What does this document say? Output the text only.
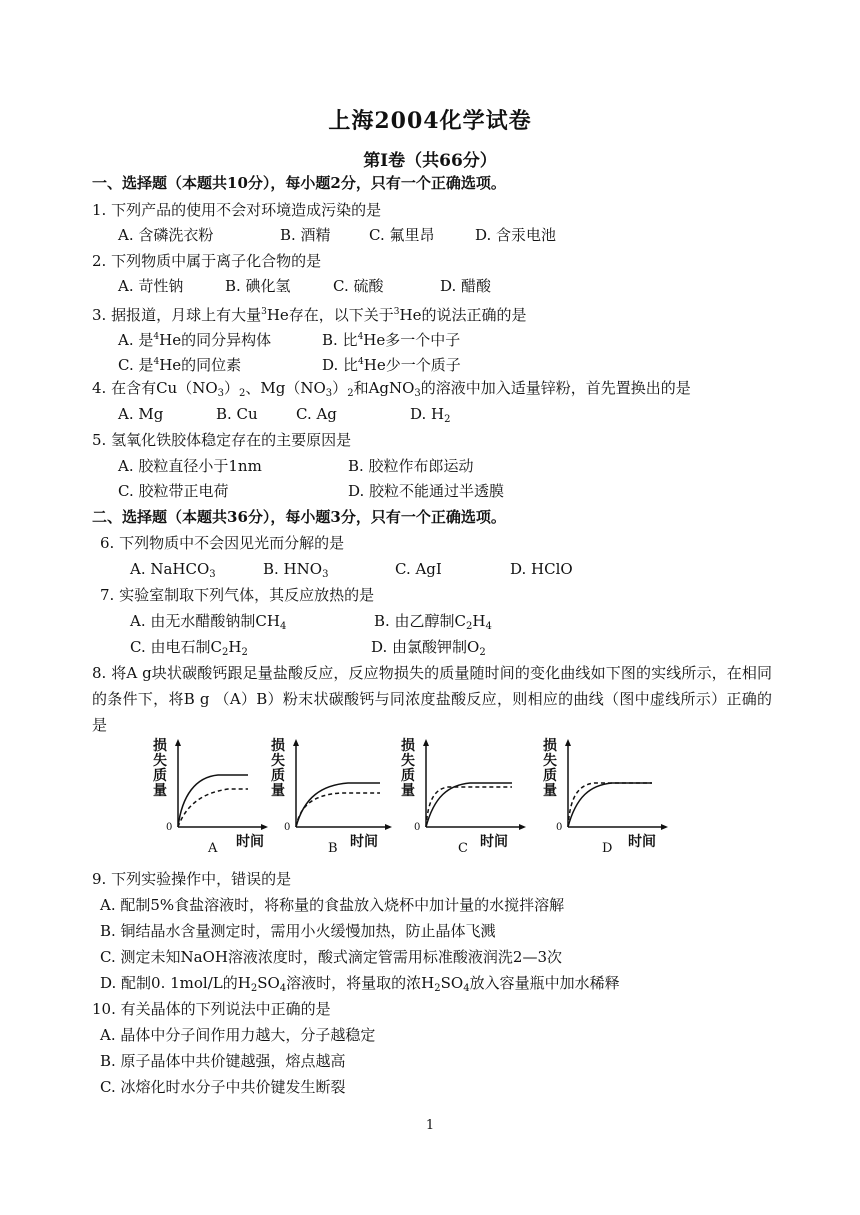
上海2004化学试卷
第I卷（共66分）
一、选择题（本题共10分），每小题2分，只有一个正确选项。
1. 下列产品的使用不会对环境造成污染的是
A. 含磷洗衣粉	B. 酒精	C. 氟里昂	D. 含汞电池
2. 下列物质中属于离子化合物的是
A. 苛性钠	B. 碘化氢	C. 硫酸	D. 醋酸
3. 据报道，月球上有大量$^3$He存在，以下关于$^3$He的说法正确的是
A. 是$^4$He的同分异构体	B. 比$^4$He多一个中子
C. 是$^4$He的同位素	D. 比$^4$He少一个质子
4. 在含有$Cu(NO_3)_2$、$Mg(NO_3)_2$和AgNO$_3$的溶液中加入适量锌粉，首先置换出的是
A. Mg	B. Cu	C. Ag	D. $H_2$
5. 氢氧化铁胶体稳定存在的主要原因是
A. 胶粒直径小于1nm	B. 胶粒作布郎运动
C. 胶粒带正电荷	D. 胶粒不能通过半透膜
二、选择题（本题共36分），每小题3分，只有一个正确选项。
6. 下列物质中不会因见光而分解的是
A. NaHCO$_3$	B. $HNO_3$	C. AgI	D. HClO
7. 实验室制取下列气体，其反应放热的是
A. 由无水醋酸钠制$CH_4$	B. 由乙醇制$C_2H_4$
C. 由电石制$C_2H_2$	D. 由氯酸钾制$O_2$
8. 将A g块状碳酸钙跟足量盐酸反应，反应物损失的质量随时间的变化曲线如下图的实线所示，在相同的条件下，将B g （A）B）粉末状碳酸钙与同浓度盐酸反应，则相应的曲线（图中虚线所示）正确的是
损失质量
0
时间
A
损失质量
0
时间
B
损失质量
0
时间
C
损失质量
0
时间
D
9. 下列实验操作中，错误的是
A. 配制5%食盐溶液时，将称量的食盐放入烧杯中加计量的水搅拌溶解
B. 铜结晶水含量测定时，需用小火缓慢加热，防止晶体飞溅
C. 测定未知NaOH溶液浓度时，酸式滴定管需用标准酸液润洗2—3次
D. 配制0. 1mol/L的$H_2SO_4$溶液时，将量取的浓$H_2SO_4$放入容量瓶中加水稀释
10. 有关晶体的下列说法中正确的是
A. 晶体中分子间作用力越大，分子越稳定
B. 原子晶体中共价键越强，熔点越高
C. 冰熔化时水分子中共价键发生断裂
1
